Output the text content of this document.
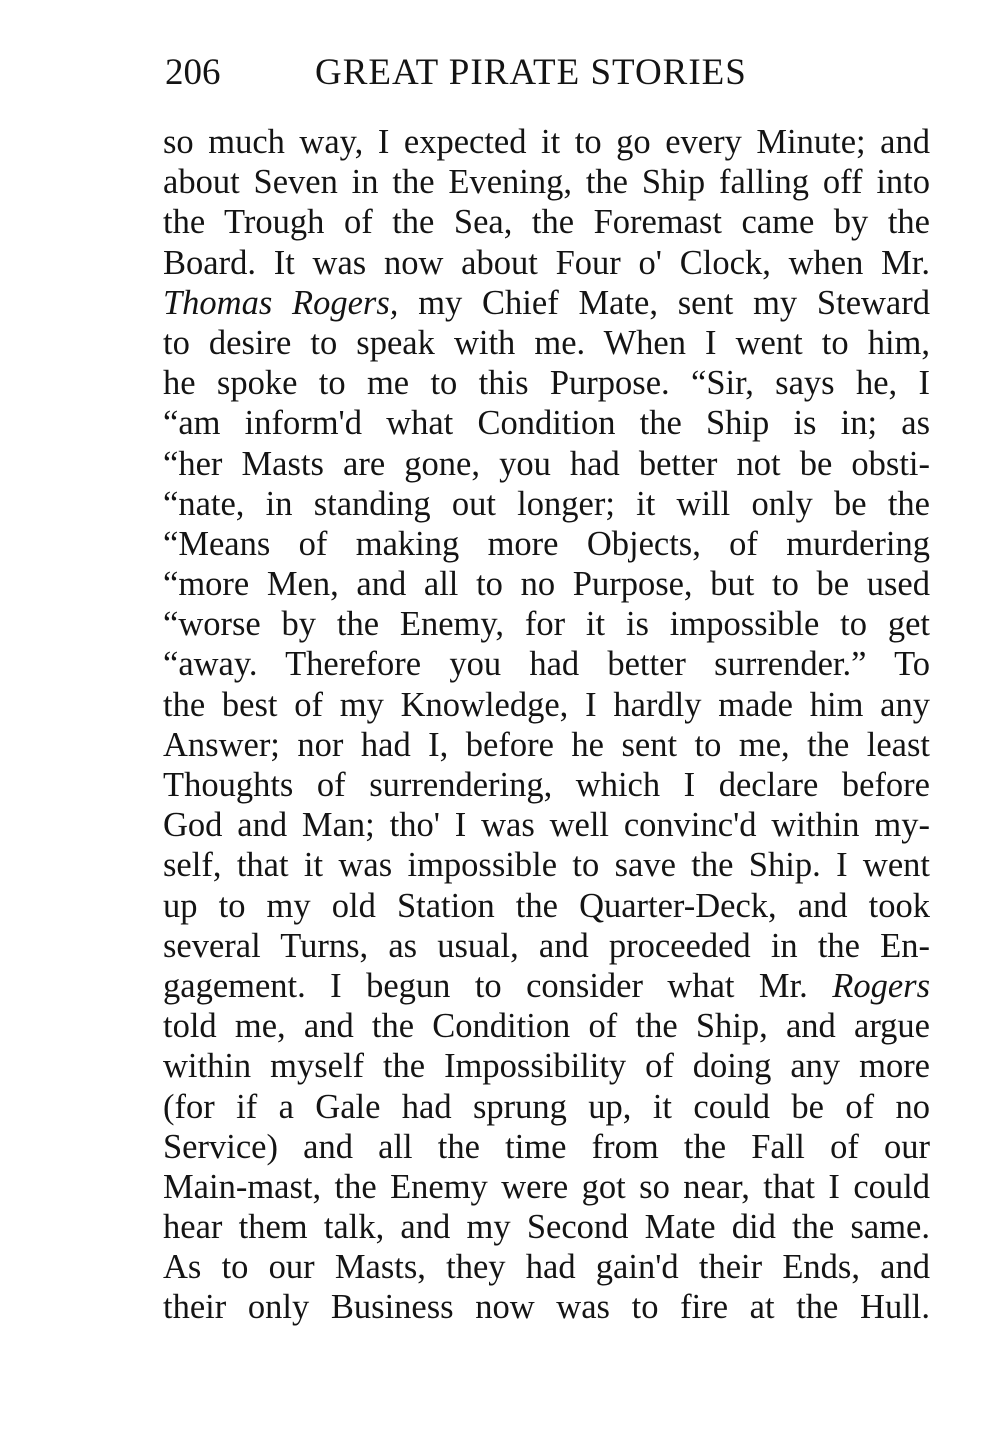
206	GREAT PIRATE STORIES
so much way, I expected it to go every Minute; and
about Seven in the Evening, the Ship falling off into
the Trough of the Sea, the Foremast came by the
Board. It was now about Four o' Clock, when Mr.
Thomas Rogers, my Chief Mate, sent my Steward
to desire to speak with me. When I went to him,
he spoke to me to this Purpose. “Sir, says he, I
“am inform'd what Condition the Ship is in; as
“her Masts are gone, you had better not be obsti-
“nate, in standing out longer; it will only be the
“Means of making more Objects, of murdering
“more Men, and all to no Purpose, but to be used
“worse by the Enemy, for it is impossible to get
“away. Therefore you had better surrender.” To
the best of my Knowledge, I hardly made him any
Answer; nor had I, before he sent to me, the least
Thoughts of surrendering, which I declare before
God and Man; tho' I was well convinc'd within my-
self, that it was impossible to save the Ship. I went
up to my old Station the Quarter-Deck, and took
several Turns, as usual, and proceeded in the En-
gagement. I begun to consider what Mr. Rogers
told me, and the Condition of the Ship, and argue
within myself the Impossibility of doing any more
(for if a Gale had sprung up, it could be of no
Service) and all the time from the Fall of our
Main-mast, the Enemy were got so near, that I could
hear them talk, and my Second Mate did the same.
As to our Masts, they had gain'd their Ends, and
their only Business now was to fire at the Hull.
